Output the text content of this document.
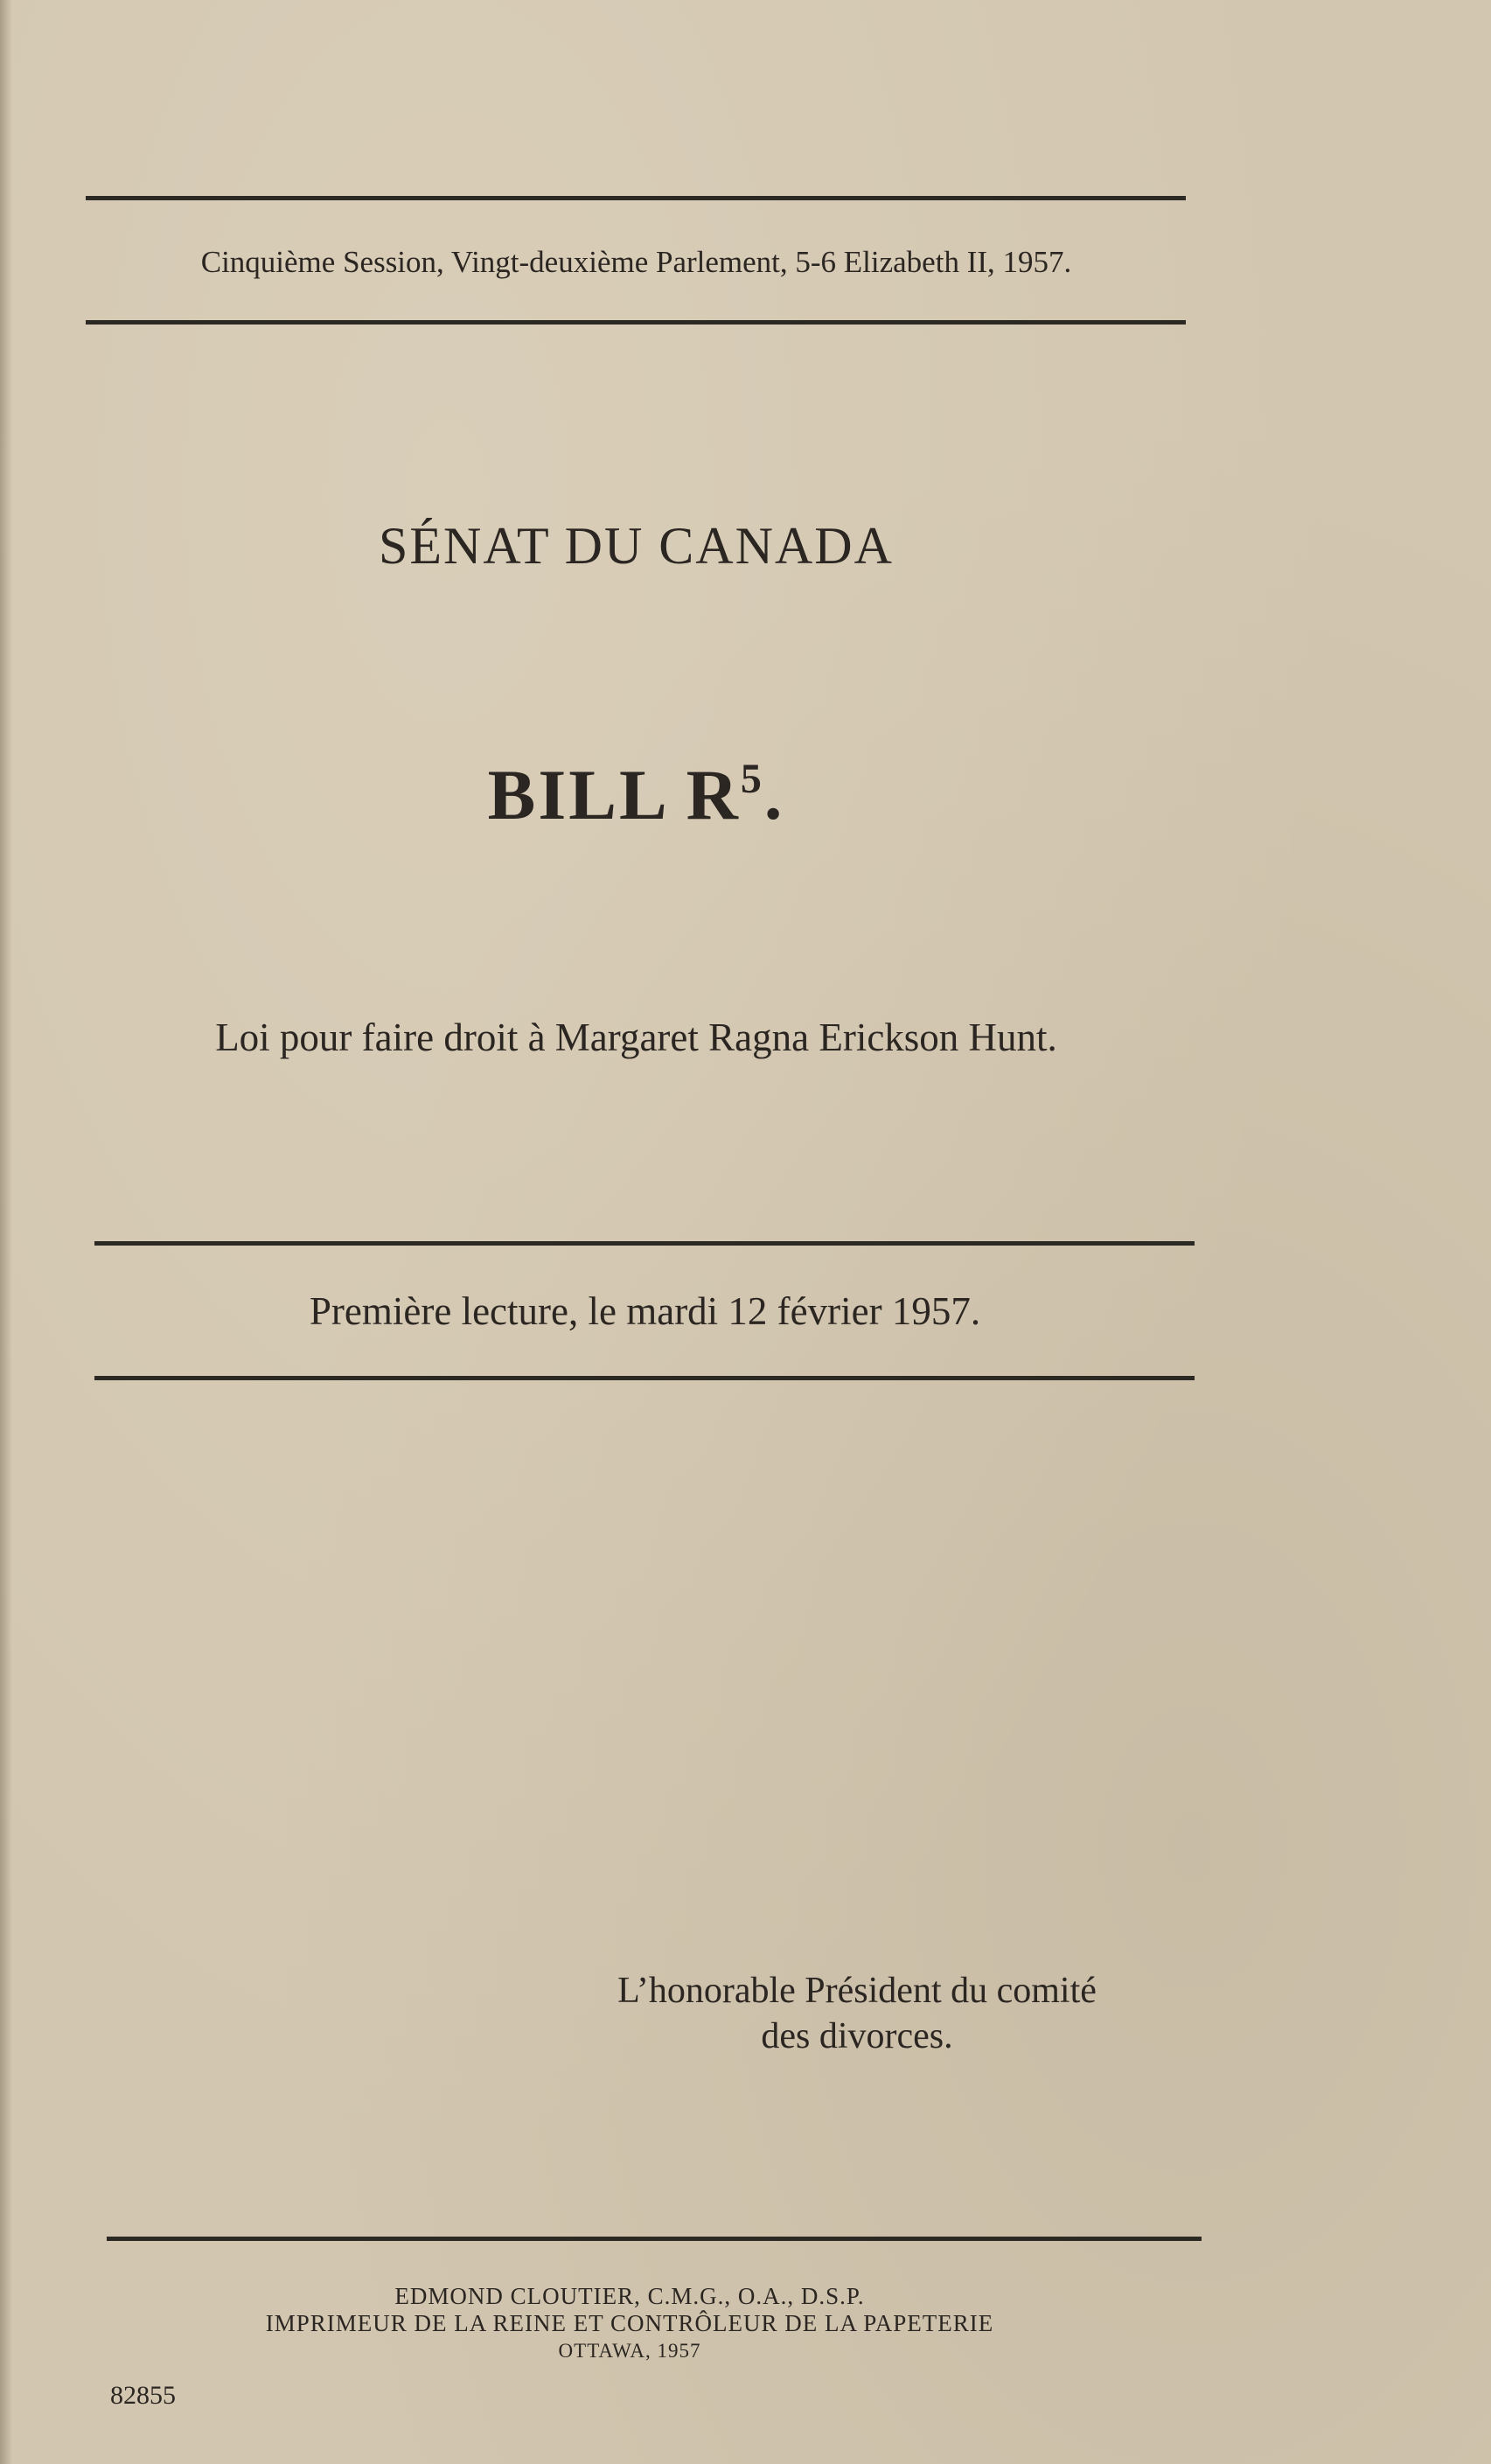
Cinquième Session, Vingt-deuxième Parlement, 5-6 Elizabeth II, 1957.
SÉNAT DU CANADA
BILL $R^5$.
Loi pour faire droit à Margaret Ragna Erickson Hunt.
Première lecture, le mardi 12 février 1957.
L’honorable Président du comité
des divorces.
EDMOND CLOUTIER, C.M.G., O.A., D.S.P.
IMPRIMEUR DE LA REINE ET CONTRÔLEUR DE LA PAPETERIE
OTTAWA, 1957
82855
